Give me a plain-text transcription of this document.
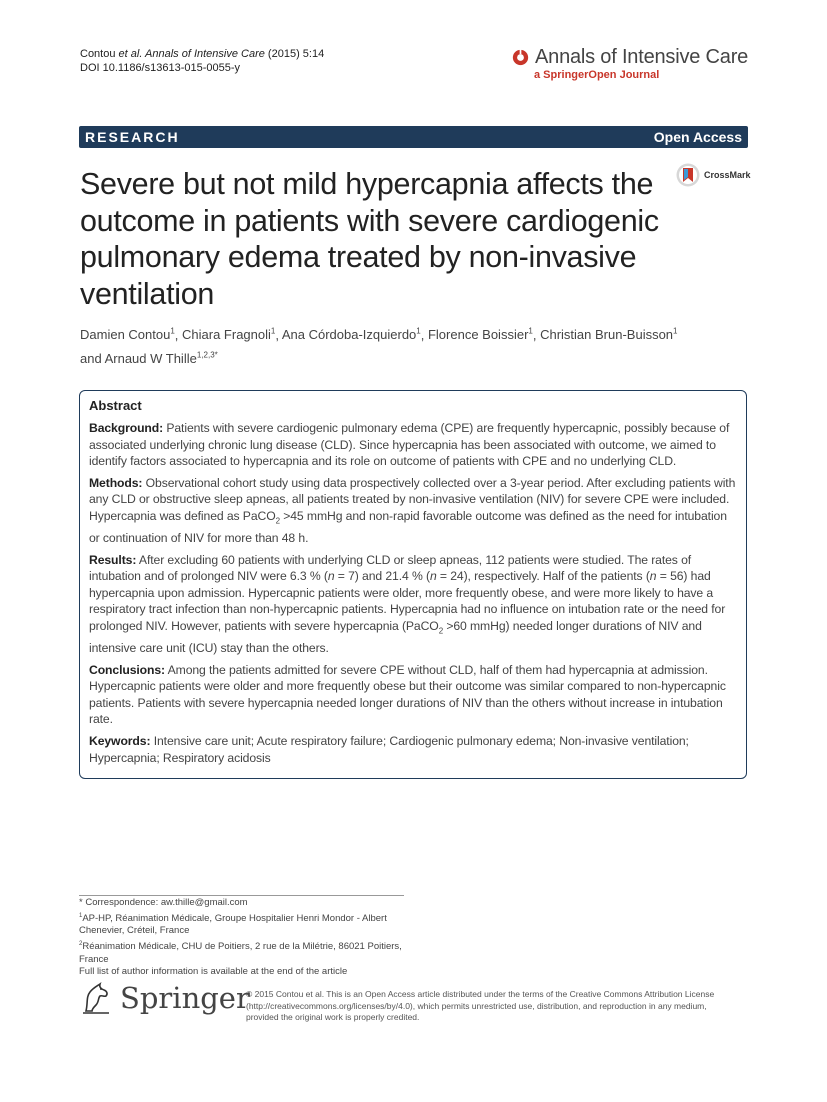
Contou et al. Annals of Intensive Care (2015) 5:14
DOI 10.1186/s13613-015-0055-y	Annals of Intensive Care
a SpringerOpen Journal
RESEARCH	Open Access
Severe but not mild hypercapnia affects the outcome in patients with severe cardiogenic pulmonary edema treated by non-invasive ventilation
CrossMark
Damien Contou$^1$, Chiara Fragnoli$^1$, Ana Córdoba-Izquierdo$^1$, Florence Boissier$^1$, Christian Brun-Buisson$^1$
and Arnaud W Thille$^{1,2,3*}$
Abstract

Background: Patients with severe cardiogenic pulmonary edema (CPE) are frequently hypercapnic, possibly because of associated underlying chronic lung disease (CLD). Since hypercapnia has been associated with outcome, we aimed to identify factors associated to hypercapnia and its role on outcome of patients with CPE and no underlying CLD.

Methods: Observational cohort study using data prospectively collected over a 3-year period. After excluding patients with any CLD or obstructive sleep apneas, all patients treated by non-invasive ventilation (NIV) for severe CPE were included. Hypercapnia was defined as PaCO$_2$ >45 mmHg and non-rapid favorable outcome was defined as the need for intubation or continuation of NIV for more than 48 h.

Results: After excluding 60 patients with underlying CLD or sleep apneas, 112 patients were studied. The rates of intubation and of prolonged NIV were 6.3 % (n = 7) and 21.4 % (n = 24), respectively. Half of the patients (n = 56) had hypercapnia upon admission. Hypercapnic patients were older, more frequently obese, and were more likely to have a respiratory tract infection than non-hypercapnic patients. Hypercapnia had no influence on intubation rate or the need for prolonged NIV. However, patients with severe hypercapnia (PaCO$_2$ >60 mmHg) needed longer durations of NIV and intensive care unit (ICU) stay than the others.

Conclusions: Among the patients admitted for severe CPE without CLD, half of them had hypercapnia at admission. Hypercapnic patients were older and more frequently obese but their outcome was similar compared to non-hypercapnic patients. Patients with severe hypercapnia needed longer durations of NIV than the others without increase in intubation rate.

Keywords: Intensive care unit; Acute respiratory failure; Cardiogenic pulmonary edema; Non-invasive ventilation; Hypercapnia; Respiratory acidosis

* Correspondence: aw.thille@gmail.com
$^1$AP-HP, Réanimation Médicale, Groupe Hospitalier Henri Mondor - Albert Chenevier, Créteil, France
$^2$Réanimation Médicale, CHU de Poitiers, 2 rue de la Milétrie, 86021 Poitiers, France
Full list of author information is available at the end of the article
Springer
© 2015 Contou et al. This is an Open Access article distributed under the terms of the Creative Commons Attribution License (http://creativecommons.org/licenses/by/4.0), which permits unrestricted use, distribution, and reproduction in any medium, provided the original work is properly credited.
